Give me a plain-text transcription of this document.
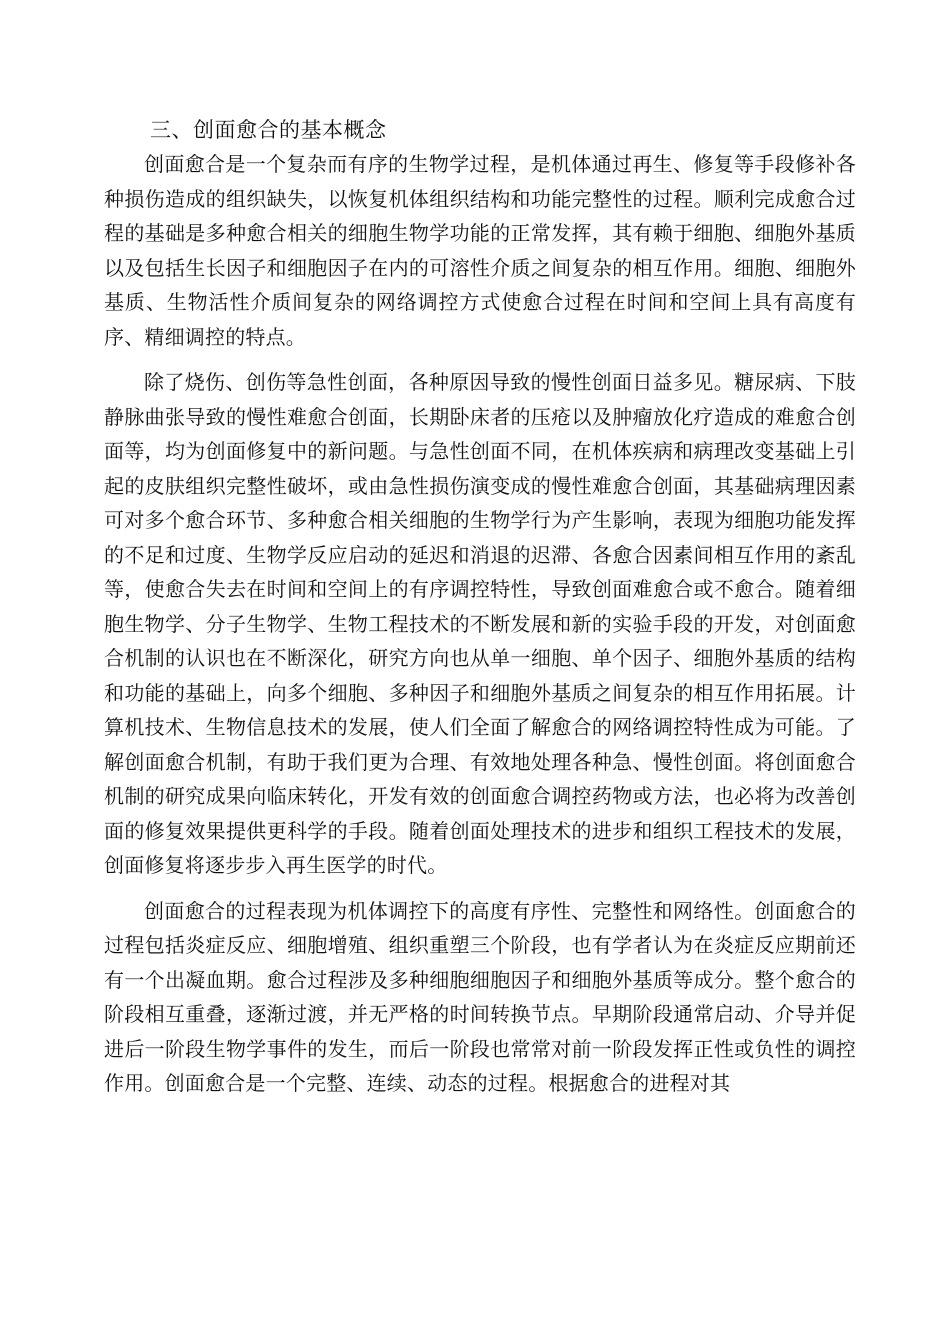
三、创面愈合的基本概念

创面愈合是一个复杂而有序的生物学过程，是机体通过再生、修复等手段修补各种损伤造成的组织缺失，以恢复机体组织结构和功能完整性的过程。顺利完成愈合过程的基础是多种愈合相关的细胞生物学功能的正常发挥，其有赖于细胞、细胞外基质以及包括生长因子和细胞因子在内的可溶性介质之间复杂的相互作用。细胞、细胞外基质、生物活性介质间复杂的网络调控方式使愈合过程在时间和空间上具有高度有序、精细调控的特点。

除了烧伤、创伤等急性创面，各种原因导致的慢性创面日益多见。糖尿病、下肢静脉曲张导致的慢性难愈合创面，长期卧床者的压疮以及肿瘤放化疗造成的难愈合创面等，均为创面修复中的新问题。与急性创面不同，在机体疾病和病理改变基础上引起的皮肤组织完整性破坏，或由急性损伤演变成的慢性难愈合创面，其基础病理因素可对多个愈合环节、多种愈合相关细胞的生物学行为产生影响，表现为细胞功能发挥的不足和过度、生物学反应启动的延迟和消退的迟滞、各愈合因素间相互作用的紊乱等，使愈合失去在时间和空间上的有序调控特性，导致创面难愈合或不愈合。随着细胞生物学、分子生物学、生物工程技术的不断发展和新的实验手段的开发，对创面愈合机制的认识也在不断深化，研究方向也从单一细胞、单个因子、细胞外基质的结构和功能的基础上，向多个细胞、多种因子和细胞外基质之间复杂的相互作用拓展。计算机技术、生物信息技术的发展，使人们全面了解愈合的网络调控特性成为可能。了解创面愈合机制，有助于我们更为合理、有效地处理各种急、慢性创面。将创面愈合机制的研究成果向临床转化，开发有效的创面愈合调控药物或方法，也必将为改善创面的修复效果提供更科学的手段。随着创面处理技术的进步和组织工程技术的发展，创面修复将逐步步入再生医学的时代。

创面愈合的过程表现为机体调控下的高度有序性、完整性和网络性。创面愈合的过程包括炎症反应、细胞增殖、组织重塑三个阶段，也有学者认为在炎症反应期前还有一个出凝血期。愈合过程涉及多种细胞细胞因子和细胞外基质等成分。整个愈合的阶段相互重叠，逐渐过渡，并无严格的时间转换节点。早期阶段通常启动、介导并促进后一阶段生物学事件的发生，而后一阶段也常常对前一阶段发挥正性或负性的调控作用。创面愈合是一个完整、连续、动态的过程。根据愈合的进程对其
